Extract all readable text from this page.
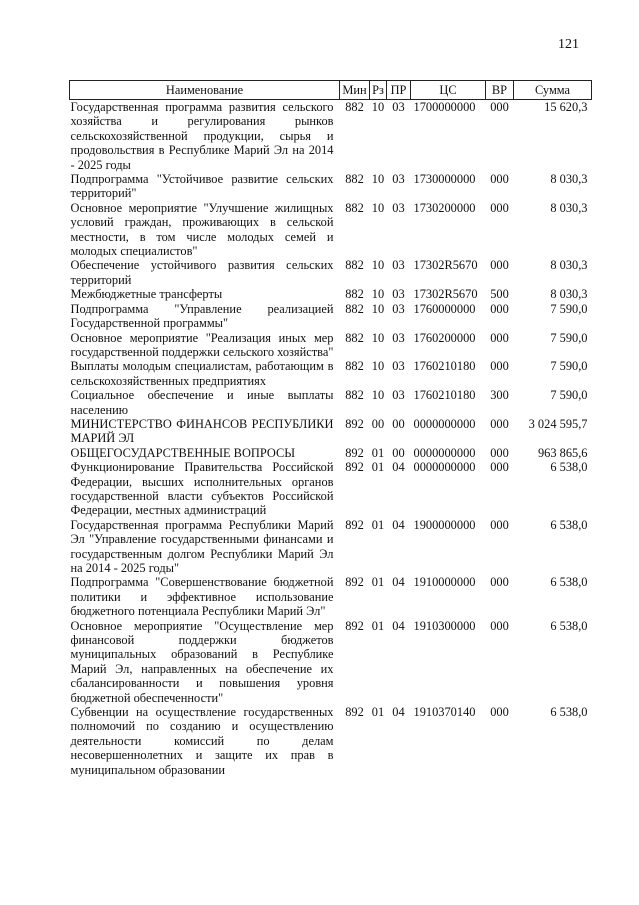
121
Наименование	Мин	Рз	ПР	ЦС	ВР	Сумма
Государственная программа развития сельского хозяйства и регулирования рынков сельскохозяйственной продукции, сырья и продовольствия в Республике Марий Эл на 2014 - 2025 годы	882	10	03	1700000000	000	15 620,3
Подпрограмма "Устойчивое развитие сельских территорий"	882	10	03	1730000000	000	8 030,3
Основное мероприятие "Улучшение жилищных условий граждан, проживающих в сельской местности, в том числе молодых семей и молодых специалистов"	882	10	03	1730200000	000	8 030,3
Обеспечение устойчивого развития сельских территорий	882	10	03	17302R5670	000	8 030,3
Межбюджетные трансферты	882	10	03	17302R5670	500	8 030,3
Подпрограмма "Управление реализацией Государственной программы"	882	10	03	1760000000	000	7 590,0
Основное мероприятие "Реализация иных мер государственной поддержки сельского хозяйства"	882	10	03	1760200000	000	7 590,0
Выплаты молодым специалистам, работающим в сельскохозяйственных предприятиях	882	10	03	1760210180	000	7 590,0
Социальное обеспечение и иные выплаты населению	882	10	03	1760210180	300	7 590,0
МИНИСТЕРСТВО ФИНАНСОВ РЕСПУБЛИКИ МАРИЙ ЭЛ	892	00	00	0000000000	000	3 024 595,7
ОБЩЕГОСУДАРСТВЕННЫЕ ВОПРОСЫ	892	01	00	0000000000	000	963 865,6
Функционирование Правительства Российской Федерации, высших исполнительных органов государственной власти субъектов Российской Федерации, местных администраций	892	01	04	0000000000	000	6 538,0
Государственная программа Республики Марий Эл "Управление государственными финансами и государственным долгом Республики Марий Эл на 2014 - 2025 годы"	892	01	04	1900000000	000	6 538,0
Подпрограмма "Совершенствование бюджетной политики и эффективное использование бюджетного потенциала Республики Марий Эл"	892	01	04	1910000000	000	6 538,0
Основное мероприятие "Осуществление мер финансовой поддержки бюджетов муниципальных образований в Республике Марий Эл, направленных на обеспечение их сбалансированности и повышения уровня бюджетной обеспеченности"	892	01	04	1910300000	000	6 538,0
Субвенции на осуществление государственных полномочий по созданию и осуществлению деятельности комиссий по делам несовершеннолетних и защите их прав в муниципальном образовании	892	01	04	1910370140	000	6 538,0
